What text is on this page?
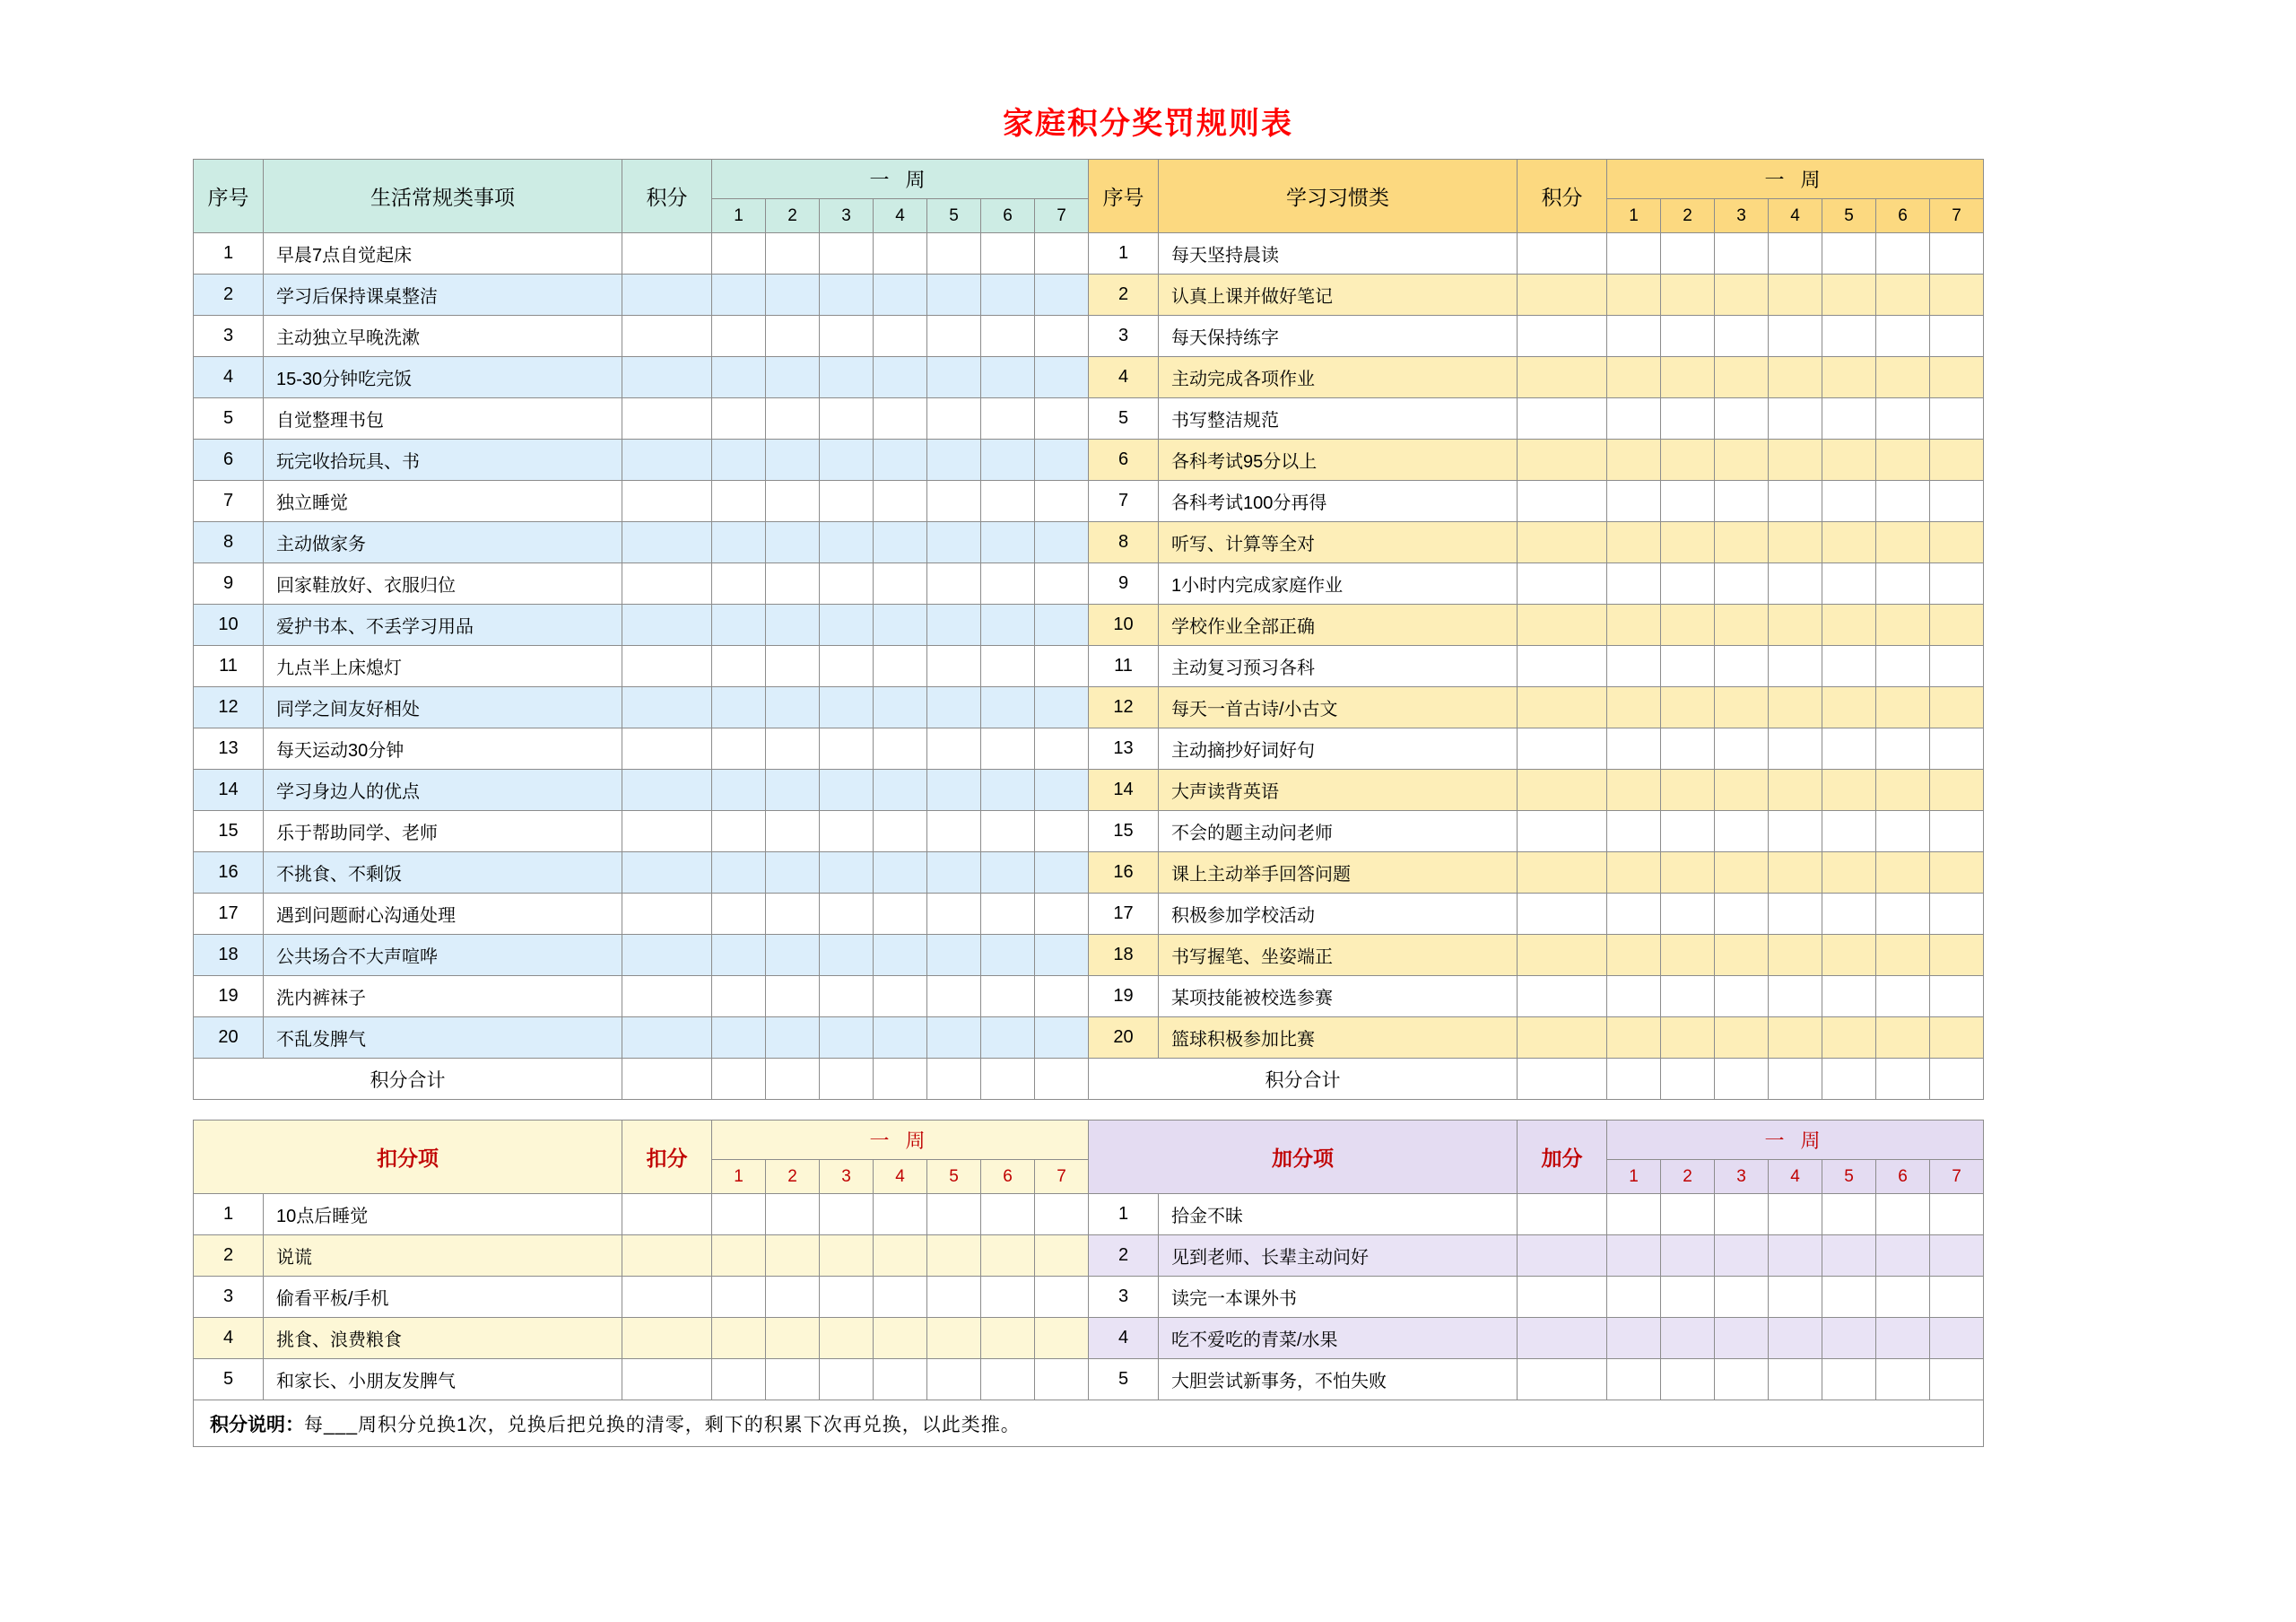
家庭积分奖罚规则表
序号	生活常规类事项	积分	一 周							序号	学习习惯类	积分	一 周						
			1	2	3	4	5	6	7				1	2	3	4	5	6	7
1	早晨7点自觉起床									1	每天坚持晨读								
2	学习后保持课桌整洁									2	认真上课并做好笔记								
3	主动独立早晚洗漱									3	每天保持练字								
4	15-30分钟吃完饭									4	主动完成各项作业								
5	自觉整理书包									5	书写整洁规范								
6	玩完收拾玩具、书									6	各科考试95分以上								
7	独立睡觉									7	各科考试100分再得								
8	主动做家务									8	听写、计算等全对								
9	回家鞋放好、衣服归位									9	1小时内完成家庭作业								
10	爱护书本、不丢学习用品									10	学校作业全部正确								
11	九点半上床熄灯									11	主动复习预习各科								
12	同学之间友好相处									12	每天一首古诗/小古文								
13	每天运动30分钟									13	主动摘抄好词好句								
14	学习身边人的优点									14	大声读背英语								
15	乐于帮助同学、老师									15	不会的题主动问老师								
16	不挑食、不剩饭									16	课上主动举手回答问题								
17	遇到问题耐心沟通处理									17	积极参加学校活动								
18	公共场合不大声喧哗									18	书写握笔、坐姿端正								
19	洗内裤袜子									19	某项技能被校选参赛								
20	不乱发脾气									20	篮球积极参加比赛								
积分合计										积分合计									
扣分项		扣分	一 周							加分项		加分	一 周						
			1	2	3	4	5	6	7				1	2	3	4	5	6	7
1	10点后睡觉									1	拾金不昧								
2	说谎									2	见到老师、长辈主动问好								
3	偷看平板/手机									3	读完一本课外书								
4	挑食、浪费粮食									4	吃不爱吃的青菜/水果								
5	和家长、小朋友发脾气									5	大胆尝试新事务，不怕失败								
积分说明：每___周积分兑换1次，兑换后把兑换的清零，剩下的积累下次再兑换，以此类推。																			
